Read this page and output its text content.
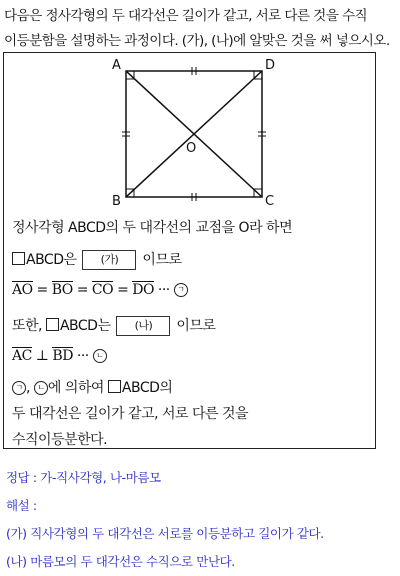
다음은 정사각형의 두 대각선은 길이가 같고, 서로 다른 것을 수직
이등분함을 설명하는 과정이다. (가), (나)에 알맞은 것을 써 넣으시오.
A	D
B	C
O
정사각형 ABCD의 두 대각선의 교점을 O라 하면
ABCD은 (가) 이므로
AO = BO = CO = DO ··· ㄱ
또한, ABCD는 (나) 이므로
AC ⊥ BD ··· ㄴ
ㄱ , ㄴ 에 의하여 ABCD의
두 대각선은 길이가 같고, 서로 다른 것을
수직이등분한다.
정답 : 가-직사각형, 나-마름모
해설 :
(가) 직사각형의 두 대각선은 서로를 이등분하고 길이가 같다.
(나) 마름모의 두 대각선은 수직으로 만난다.
